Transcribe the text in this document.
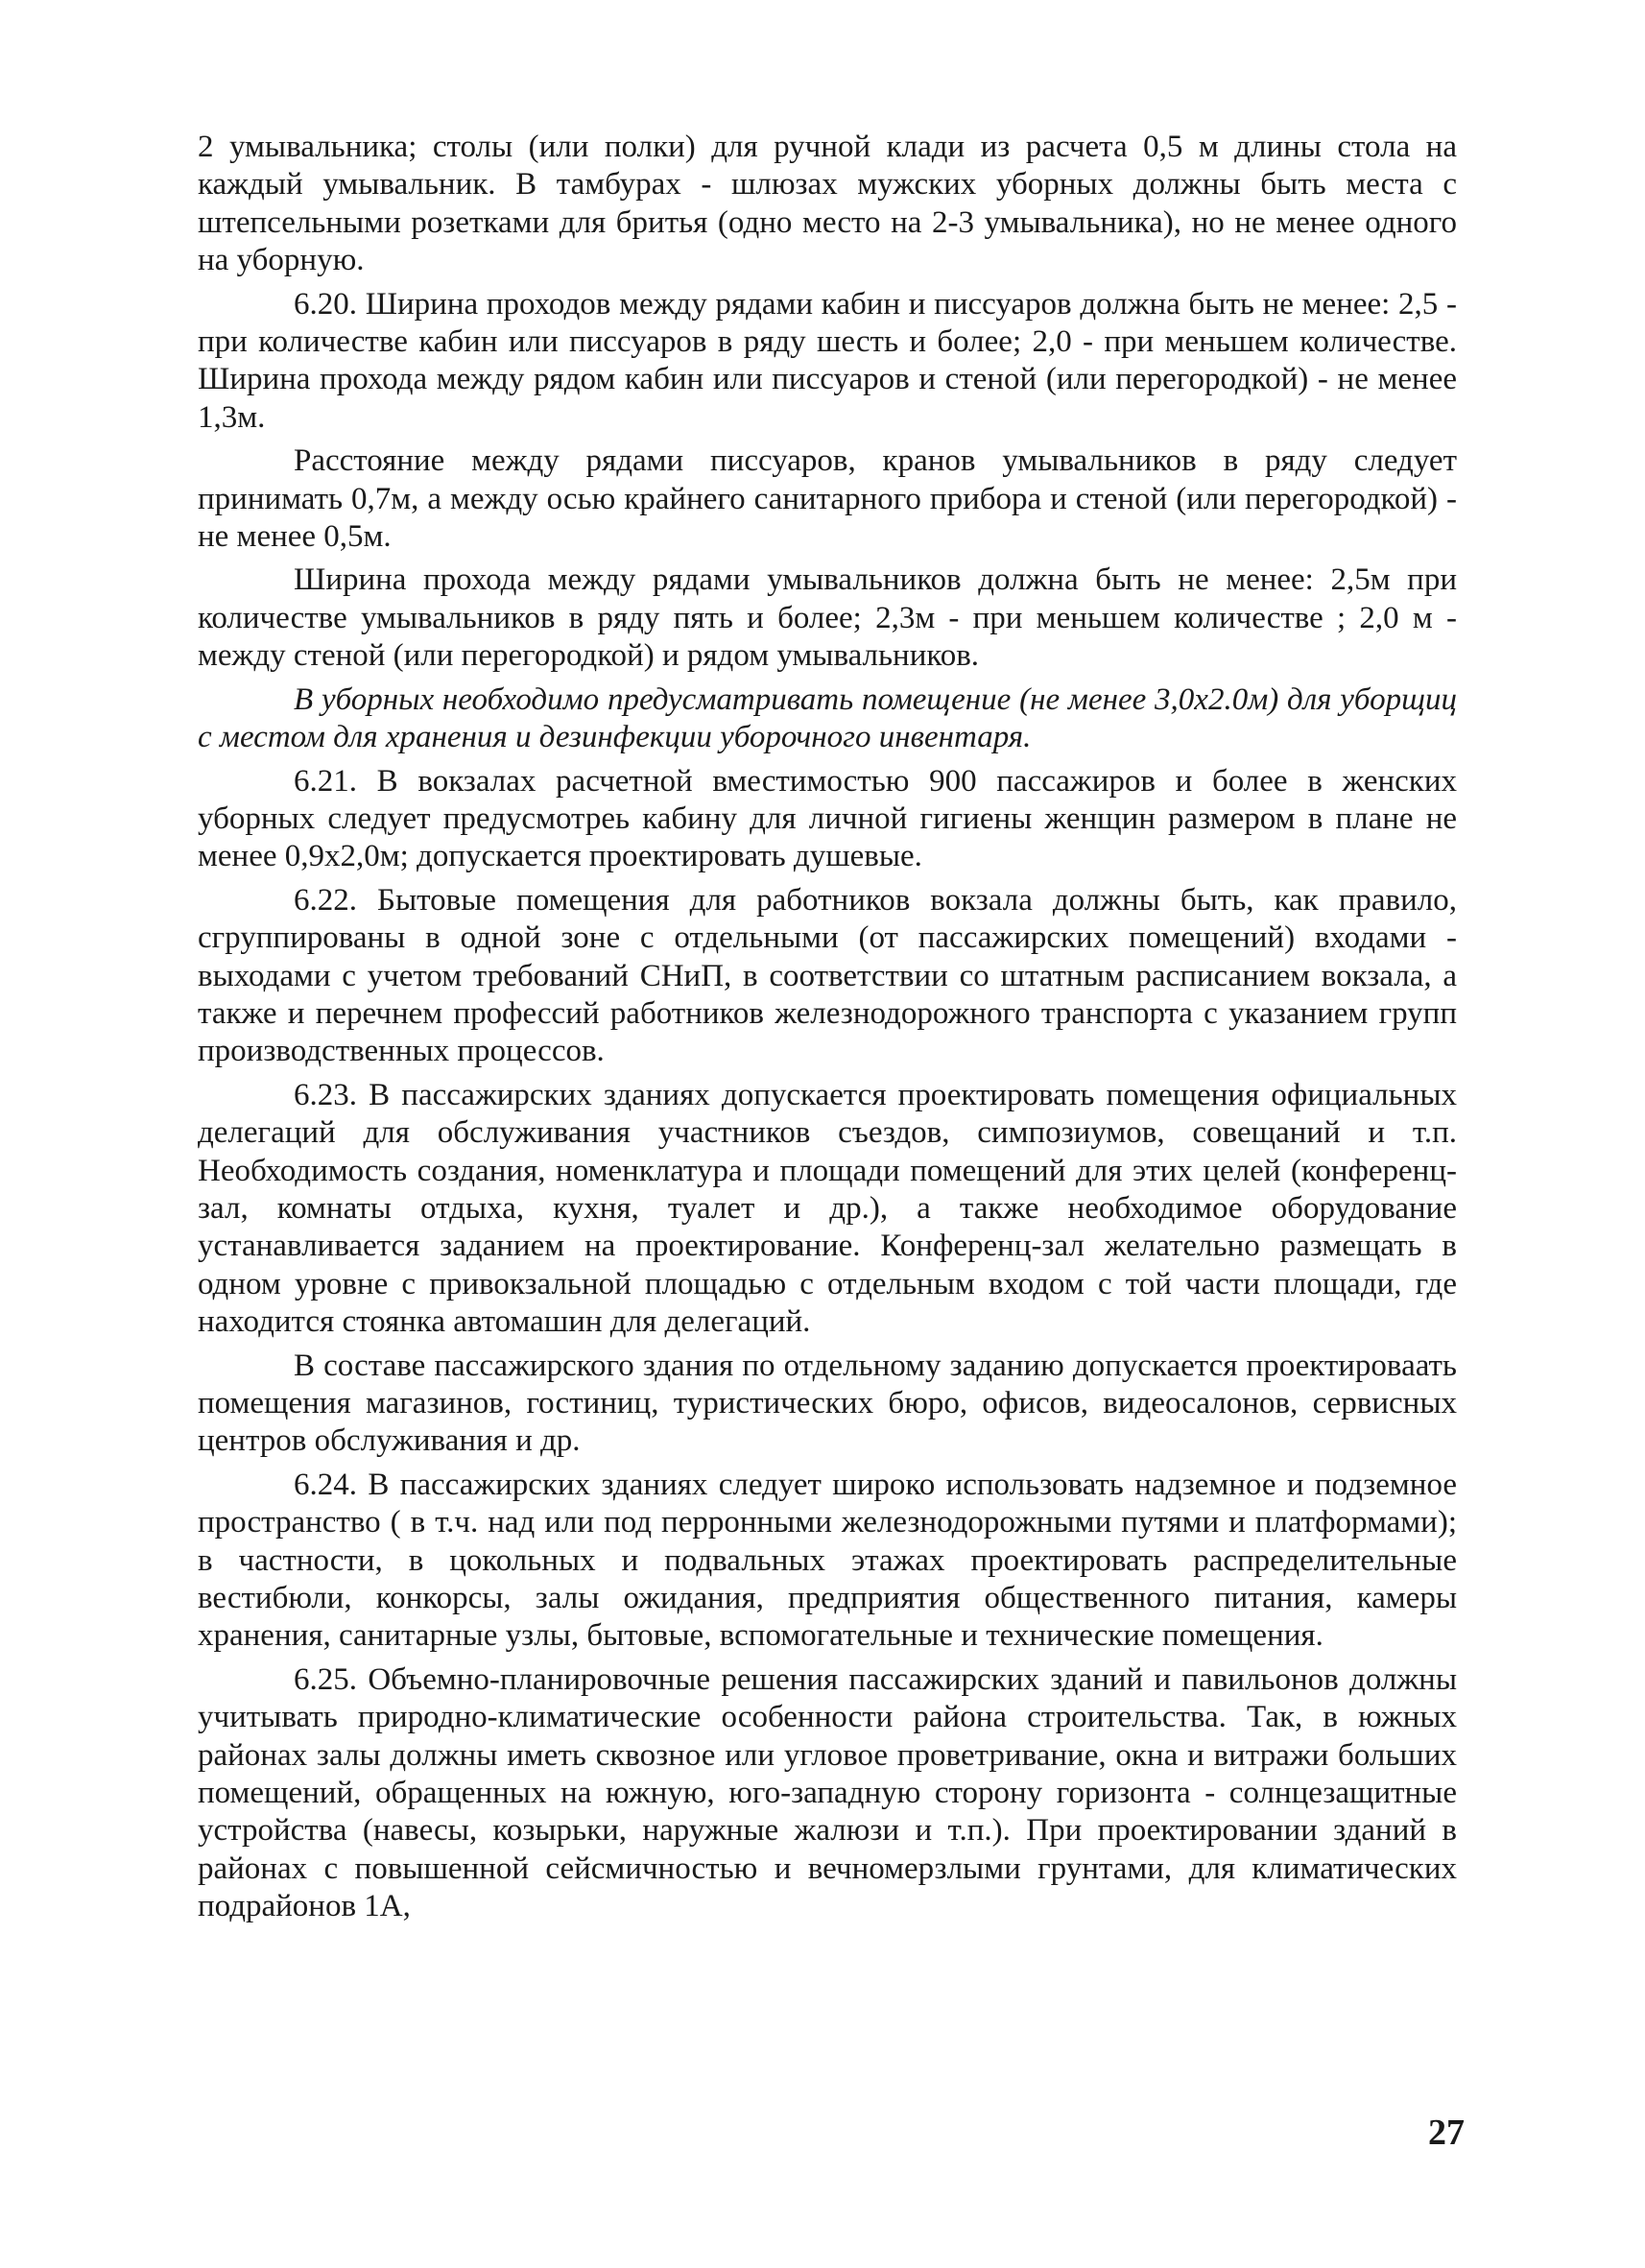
2 умывальника; столы (или полки) для ручной клади из расчета 0,5 м длины стола на каждый умывальник. В тамбурах - шлюзах мужских уборных должны быть места с штепсельными розетками для бритья (одно место на 2-3 умывальника), но не менее одного на уборную.

6.20. Ширина проходов между рядами кабин и писсуаров должна быть не менее: 2,5 - при количестве кабин или писсуаров в ряду шесть и более; 2,0 - при меньшем количестве. Ширина прохода между рядом кабин или писсуаров и стеной (или перегородкой) - не менее 1,3м.

Расстояние между рядами писсуаров, кранов умывальников в ряду следует принимать 0,7м, а между осью крайнего санитарного прибора и стеной (или перегородкой) - не менее 0,5м.

Ширина прохода между рядами умывальников должна быть не менее: 2,5м при количестве умывальников в ряду пять и более; 2,3м - при меньшем количестве ; 2,0 м - между стеной (или перегородкой) и рядом умывальников.

В уборных необходимо предусматривать помещение (не менее 3,0х2.0м) для уборщиц с местом для хранения и дезинфекции уборочного инвентаря.

6.21. В вокзалах расчетной вместимостью 900 пассажиров и более в женских уборных следует предусмотреь кабину для личной гигиены женщин размером в плане не менее 0,9х2,0м; допускается проектировать душевые.

6.22. Бытовые помещения для работников вокзала должны быть, как правило, сгруппированы в одной зоне с отдельными (от пассажирских помещений) входами - выходами с учетом требований СНиП, в соответствии со штатным расписанием вокзала, а также и перечнем профессий работников железнодорожного транспорта с указанием групп производственных процессов.

6.23. В пассажирских зданиях допускается проектировать помещения официальных делегаций для обслуживания участников съездов, симпозиумов, совещаний и т.п. Необходимость создания, номенклатура и площади помещений для этих целей (конференц-зал, комнаты отдыха, кухня, туалет и др.), а также необходимое оборудование устанавливается заданием на проектирование. Конференц-зал желательно размещать в одном уровне с привокзальной площадью с отдельным входом с той части площади, где находится стоянка автомашин для делегаций.

В составе пассажирского здания по отдельному заданию допускается проектироваать помещения магазинов, гостиниц, туристических бюро, офисов, видеосалонов, сервисных центров обслуживания и др.

6.24. В пассажирских зданиях следует широко использовать надземное и подземное пространство ( в т.ч. над или под перронными железнодорожными путями и платформами); в частности, в цокольных и подвальных этажах проектировать распределительные вестибюли, конкорсы, залы ожидания, предприятия общественного питания, камеры хранения, санитарные узлы, бытовые, вспомогательные и технические помещения.

6.25. Объемно-планировочные решения пассажирских зданий и павильонов должны учитывать природно-климатические особенности района строительства. Так, в южных районах залы должны иметь сквозное или угловое проветривание, окна и витражи больших помещений, обращенных на южную, юго-западную сторону горизонта - солнцезащитные устройства (навесы, козырьки, наружные жалюзи и т.п.). При проектировании зданий в районах с повышенной сейсмичностью и вечномерзлыми грунтами, для климатических подрайонов 1А,

27
